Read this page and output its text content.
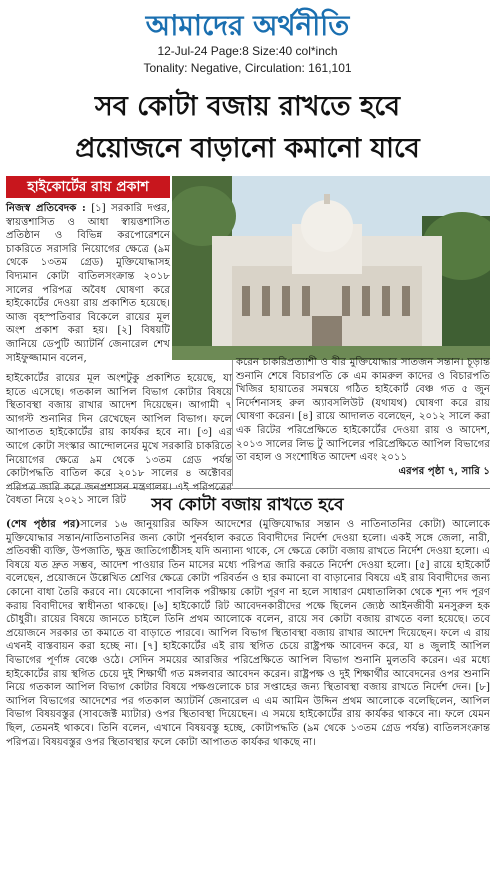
আমাদের অর্থনীতি
12-Jul-24 Page:8 Size:40 col*inch
Tonality: Negative, Circulation: 161,101
সব কোটা বজায় রাখতে হবে
প্রয়োজনে বাড়ানো কমানো যাবে
হাইকোর্টের রায় প্রকাশ

নিজস্ব প্রতিবেদক : [১] সরকারি দপ্তর, স্বায়ত্তশাসিত ও আধা স্বায়ত্তশাসিত প্রতিষ্ঠান ও বিভিন্ন করপোরেশনে চাকরিতে সরাসরি নিয়োগের ক্ষেত্রে (৯ম থেকে ১৩তম গ্রেড) মুক্তিযোদ্ধাসহ বিদ্যমান কোটা বাতিলসংক্রান্ত ২০১৮ সালের পরিপত্র অবৈধ ঘোষণা করে হাইকোর্টের দেওয়া রায় প্রকাশিত হয়েছে। আজ বৃহস্পতিবার বিকেলে রায়ের মূল অংশ প্রকাশ করা হয়। [২] বিষয়টি জানিয়ে ডেপুটি অ্যাটর্নি জেনারেল শেখ সাইফুজ্জামান বলেন,

হাইকোর্টের রায়ের মূল অংশটুকু প্রকাশিত হয়েছে, যা হাতে এসেছে। গতকাল আপিল বিভাগ কোটার বিষয়ে স্থিতাবস্থা বজায় রাখার আদেশ দিয়েছেন। আগামী ৭ আগস্ট শুনানির দিন রেখেছেন আপিল বিভাগ। ফলে আপাতত হাইকোর্টের রায় কার্যকর হবে না। [৩] এর আগে কোটা সংস্কার আন্দোলনের মুখে সরকারি চাকরিতে নিয়োগের ক্ষেত্রে ৯ম থেকে ১৩তম গ্রেড পর্যন্ত কোটাপদ্ধতি বাতিল করে ২০১৮ সালের ৪ অক্টোবর বৈধতা নিয়ে ২০২১ সালে রিট

করেন চাকরিপ্রত্যাশী ও বীর মুক্তিযোদ্ধার সাতজন সন্তান। চূড়ান্ত শুনানি শেষে বিচারপতি কে এম কামরুল কাদের ও বিচারপতি খিজির হায়াতের সমন্বয়ে গঠিত হাইকোর্ট বেঞ্চ গত ৫ জুন নির্দেশনাসহ রুল অ্যাবসলিউট (যথাযথ) ঘোষণা করে রায় ঘোষণা করেন। [৪] রায়ে আদালত বলেছেন, ২০১২ সালে করা এক রিটের পরিপ্রেক্ষিতে হাইকোর্টের দেওয়া রায় ও আদেশ, ২০১৩ সালের লিভ টু আপিলের পরিপ্রেক্ষিতে আপিল বিভাগের তা বহাল ও সংশোধিত আদেশ এবং ২০১১

এরপর পৃষ্ঠা ৭, সারি ১

সব কোটা বজায় রাখতে হবে

(শেষ পৃষ্ঠার পর)সালের ১৬ জানুয়ারির অফিস আদেশের (মুক্তিযোদ্ধার সন্তান ও নাতিনাতনির কোটা) আলোকে মুক্তিযোদ্ধার সন্তান/নাতিনাতনির জন্য কোটা পুনর্বহাল করতে বিবাদীদের নির্দেশ দেওয়া হলো। একই সঙ্গে জেলা, নারী, প্রতিবন্ধী ব্যক্তি, উপজাতি, ক্ষুদ্র জাতিগোষ্ঠীসহ যদি অন্যান্য থাকে, সে ক্ষেত্রে কোটা বজায় রাখতে নির্দেশ দেওয়া হলো। এ বিষয়ে যত দ্রুত সম্ভব, আদেশ পাওয়ার তিন মাসের মধ্যে পরিপত্র জারি করতে নির্দেশ দেওয়া হলো। [৫] রায়ে হাইকোর্ট বলেছেন, প্রয়োজনে উল্লেখিত শ্রেণির ক্ষেত্রে কোটা পরিবর্তন ও হার কমানো বা বাড়ানোর বিষয়ে এই রায় বিবাদীদের জন্য কোনো বাধা তৈরি করবে না। যেকোনো পাবলিক পরীক্ষায় কোটা পূরণ না হলে সাধারণ মেধাতালিকা থেকে শূন্য পদ পূরণ করায় বিবাদীদের স্বাধীনতা থাকছে। [৬] হাইকোর্টে রিট আবেদনকারীদের পক্ষে ছিলেন জ্যেষ্ঠ আইনজীবী মনসুরুল হক চৌধুরী। রায়ের বিষয়ে জানতে চাইলে তিনি প্রথম আলোকে বলেন, রায়ে সব কোটা বজায় রাখতে বলা হয়েছে। তবে প্রয়োজনে সরকার তা কমাতে বা বাড়াতে পারবে। আপিল বিভাগ স্থিতাবস্থা বজায় রাখার আদেশ দিয়েছেন। ফলে এ রায় এখনই বাস্তবায়ন করা হচ্ছে না। [৭] হাইকোর্টের এই রায় স্থগিত চেয়ে রাষ্ট্রপক্ষ আবেদন করে, যা ৪ জুলাই আপিল বিভাগের পূর্ণাঙ্গ বেঞ্চে ওঠে। সেদিন সময়ের আরজির পরিপ্রেক্ষিতে আপিল বিভাগ শুনানি মুলতবি করেন। এর মধ্যে হাইকোর্টের রায় স্থগিত চেয়ে দুই শিক্ষার্থী গত মঙ্গলবার আবেদন করেন। রাষ্ট্রপক্ষ ও দুই শিক্ষার্থীর আবেদনের ওপর শুনানি নিয়ে গতকাল আপিল বিভাগ কোটার বিষয়ে পক্ষগুলোকে চার সপ্তাহের জন্য স্থিতাবস্থা বজায় রাখতে নির্দেশ দেন। [৮] আপিল বিভাগের আদেশের পর গতকাল অ্যাটর্নি জেনারেল এ এম আমিন উদ্দিন প্রথম আলোকে বলেছিলেন, আপিল বিভাগ বিষয়বস্তুর (সাবজেক্ট ম্যাটার) ওপর স্থিতাবস্থা দিয়েছেন। এ সময়ে হাইকোর্টের রায় কার্যকর থাকবে না। ফলে যেমন ছিল, তেমনই থাকবে। তিনি বলেন, এখানে বিষয়বস্তু হচ্ছে, কোটাপদ্ধতি (৯ম থেকে ১৩তম গ্রেড পর্যন্ত) বাতিলসংক্রান্ত পরিপত্র। বিষয়বস্তুর ওপর স্থিতাবস্থার ফলে কোটা আপাতত কার্যকর থাকছে না।
